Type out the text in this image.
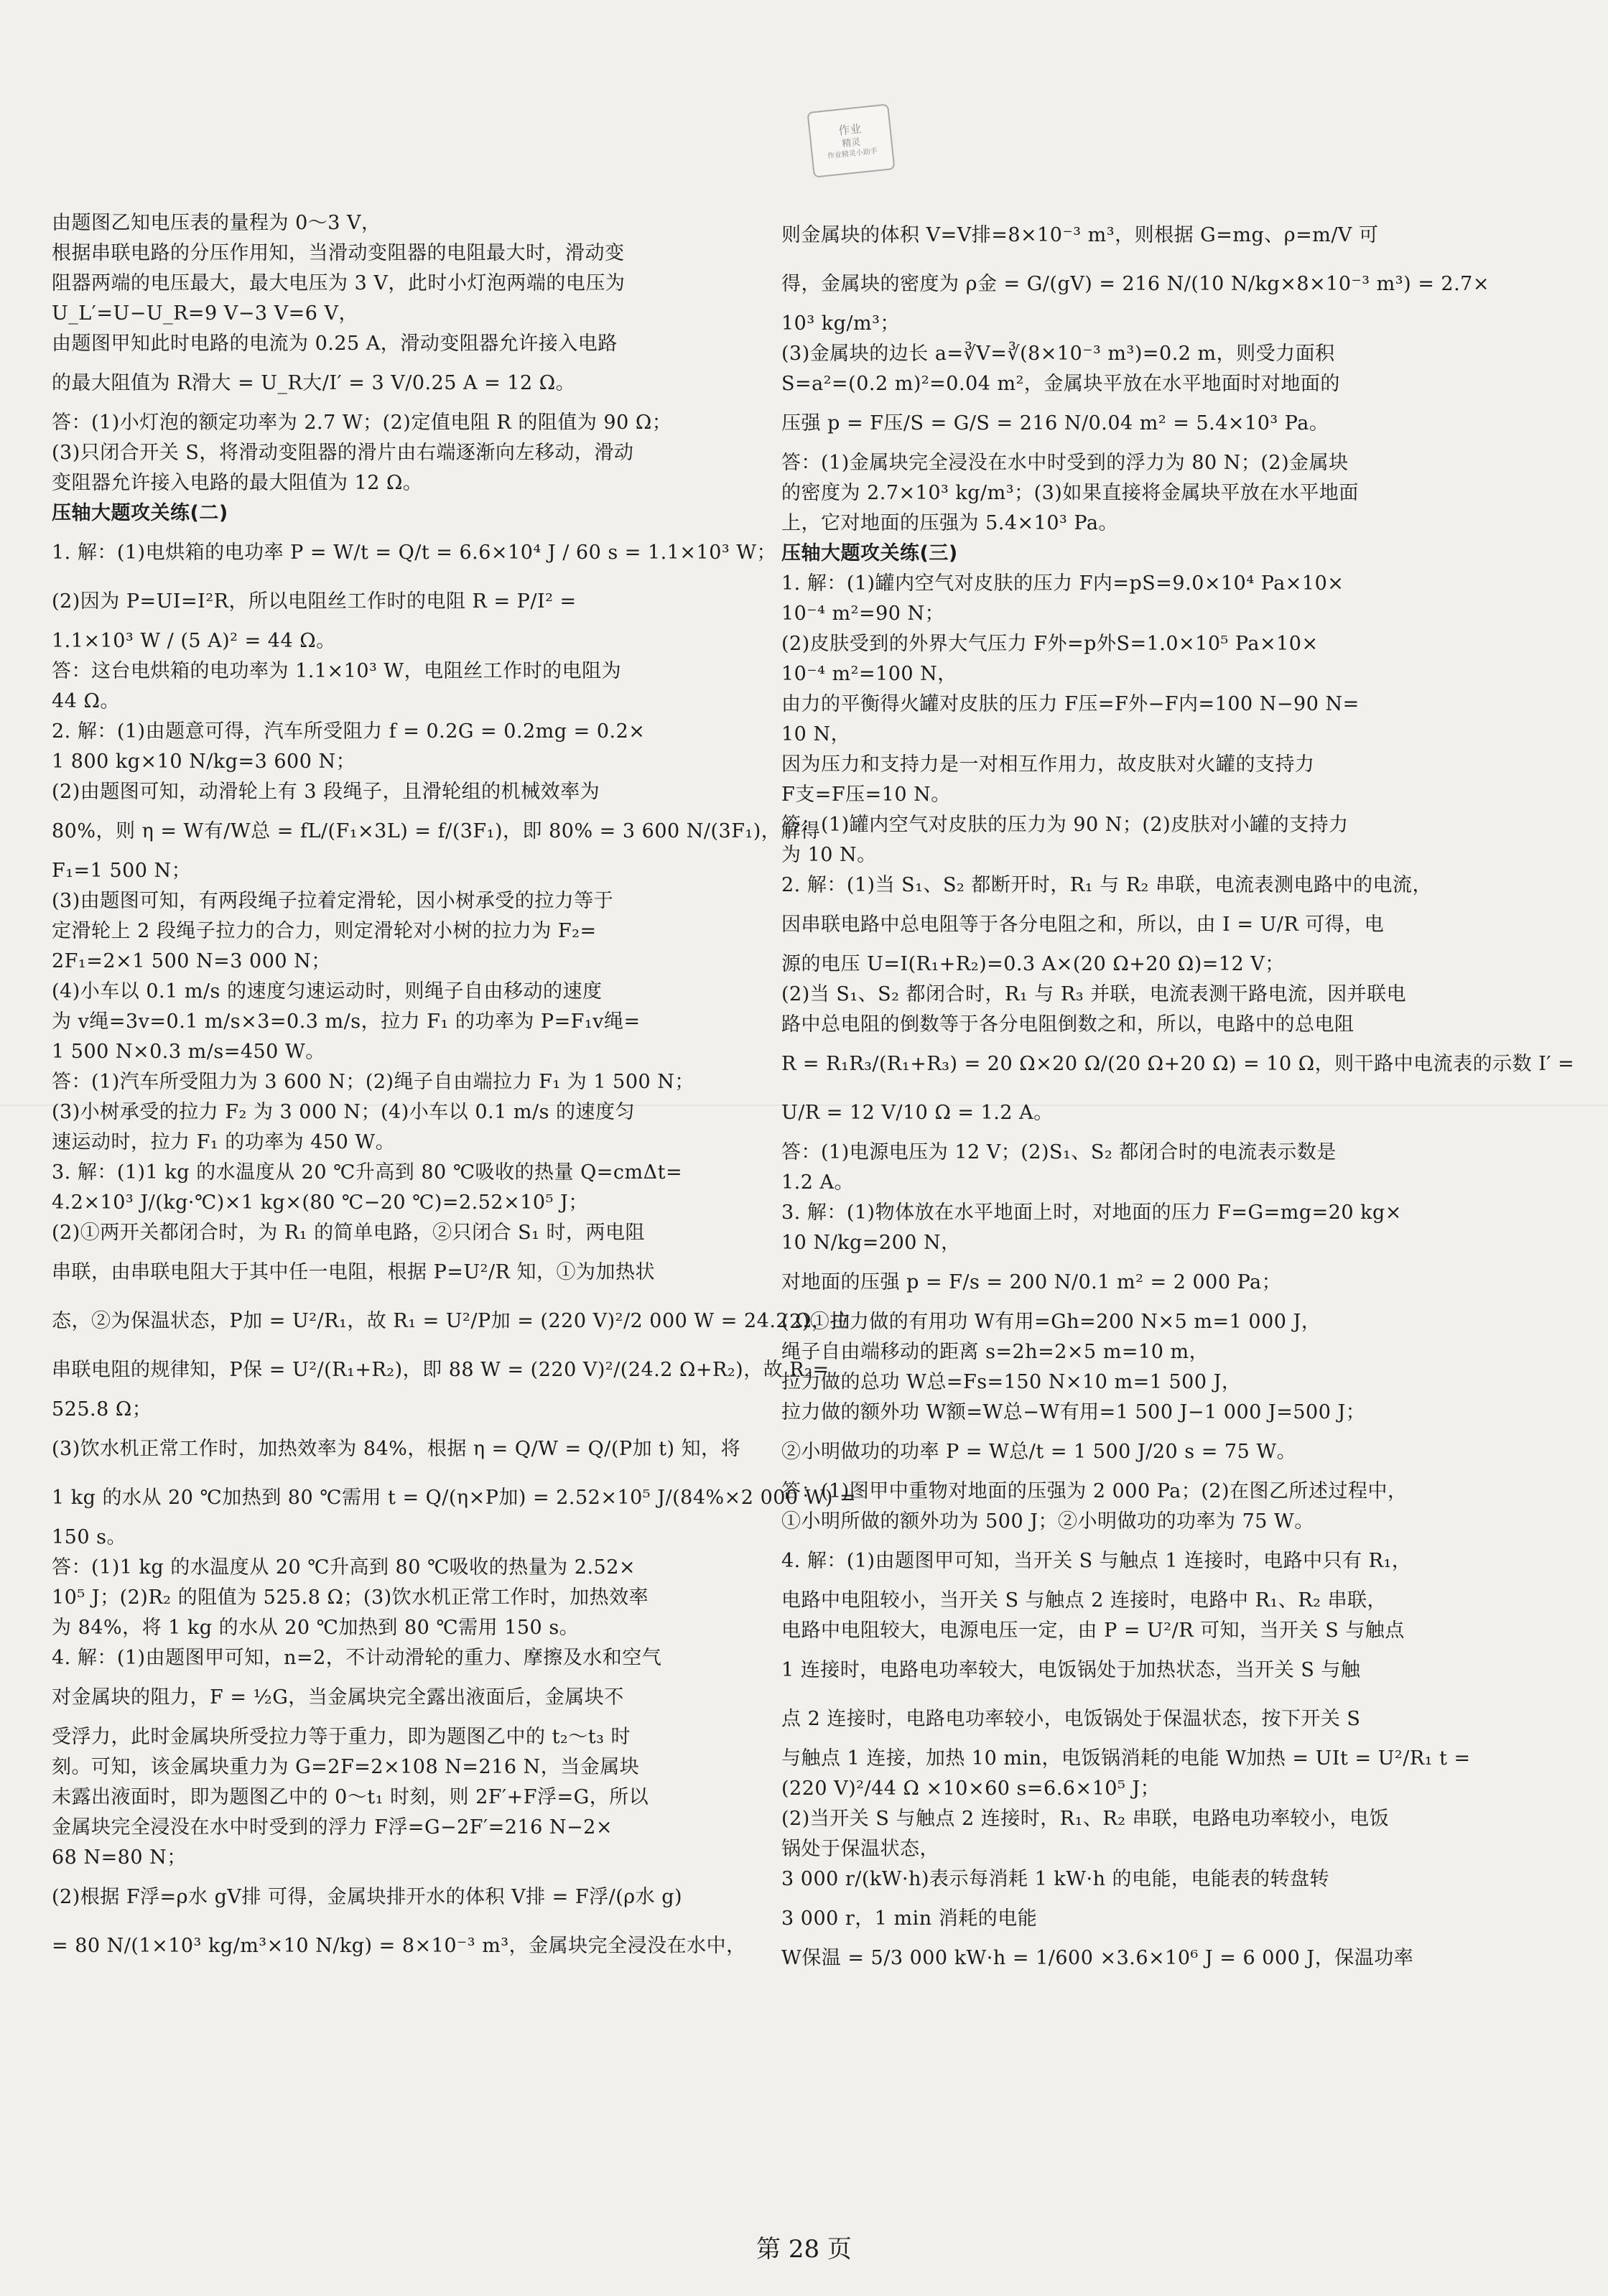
作业
精灵
作业精灵小助手
由题图乙知电压表的量程为 0～3 V，
根据串联电路的分压作用知，当滑动变阻器的电阻最大时，滑动变
阻器两端的电压最大，最大电压为 3 V，此时小灯泡两端的电压为
U_L′=U−U_R=9 V−3 V=6 V，
由题图甲知此时电路的电流为 0.25 A，滑动变阻器允许接入电路
的最大阻值为 R滑大 = U_R大/I′ = 3 V/0.25 A = 12 Ω。
答：(1)小灯泡的额定功率为 2.7 W；(2)定值电阻 R 的阻值为 90 Ω；
(3)只闭合开关 S，将滑动变阻器的滑片由右端逐渐向左移动，滑动
变阻器允许接入电路的最大阻值为 12 Ω。
压轴大题攻关练(二)
1. 解：(1)电烘箱的电功率 P = W/t = Q/t = 6.6×10⁴ J / 60 s = 1.1×10³ W；
(2)因为 P=UI=I²R，所以电阻丝工作时的电阻 R = P/I² =
1.1×10³ W / (5 A)² = 44 Ω。
答：这台电烘箱的电功率为 1.1×10³ W，电阻丝工作时的电阻为
44 Ω。
2. 解：(1)由题意可得，汽车所受阻力 f = 0.2G = 0.2mg = 0.2×
1 800 kg×10 N/kg=3 600 N；
(2)由题图可知，动滑轮上有 3 段绳子，且滑轮组的机械效率为
80%，则 η = W有/W总 = fL/(F₁×3L) = f/(3F₁)，即 80% = 3 600 N/(3F₁)，解得
F₁=1 500 N；
(3)由题图可知，有两段绳子拉着定滑轮，因小树承受的拉力等于
定滑轮上 2 段绳子拉力的合力，则定滑轮对小树的拉力为 F₂=
2F₁=2×1 500 N=3 000 N；
(4)小车以 0.1 m/s 的速度匀速运动时，则绳子自由移动的速度
为 v绳=3v=0.1 m/s×3=0.3 m/s，拉力 F₁ 的功率为 P=F₁v绳=
1 500 N×0.3 m/s=450 W。
答：(1)汽车所受阻力为 3 600 N；(2)绳子自由端拉力 F₁ 为 1 500 N；
(3)小树承受的拉力 F₂ 为 3 000 N；(4)小车以 0.1 m/s 的速度匀
速运动时，拉力 F₁ 的功率为 450 W。
3. 解：(1)1 kg 的水温度从 20 ℃升高到 80 ℃吸收的热量 Q=cmΔt=
4.2×10³ J/(kg·℃)×1 kg×(80 ℃−20 ℃)=2.52×10⁵ J；
(2)①两开关都闭合时，为 R₁ 的简单电路，②只闭合 S₁ 时，两电阻
串联，由串联电阻大于其中任一电阻，根据 P=U²/R 知，①为加热状
态，②为保温状态，P加 = U²/R₁，故 R₁ = U²/P加 = (220 V)²/2 000 W = 24.2 Ω，由
串联电阻的规律知，P保 = U²/(R₁+R₂)，即 88 W = (220 V)²/(24.2 Ω+R₂)，故 R₂=
525.8 Ω；
(3)饮水机正常工作时，加热效率为 84%，根据 η = Q/W = Q/(P加 t) 知，将
1 kg 的水从 20 ℃加热到 80 ℃需用 t = Q/(η×P加) = 2.52×10⁵ J/(84%×2 000 W) =
150 s。
答：(1)1 kg 的水温度从 20 ℃升高到 80 ℃吸收的热量为 2.52×
10⁵ J；(2)R₂ 的阻值为 525.8 Ω；(3)饮水机正常工作时，加热效率
为 84%，将 1 kg 的水从 20 ℃加热到 80 ℃需用 150 s。
4. 解：(1)由题图甲可知，n=2，不计动滑轮的重力、摩擦及水和空气
对金属块的阻力，F = ½G，当金属块完全露出液面后，金属块不
受浮力，此时金属块所受拉力等于重力，即为题图乙中的 t₂～t₃ 时
刻。可知，该金属块重力为 G=2F=2×108 N=216 N，当金属块
未露出液面时，即为题图乙中的 0～t₁ 时刻，则 2F′+F浮=G，所以
金属块完全浸没在水中时受到的浮力 F浮=G−2F′=216 N−2×
68 N=80 N；
(2)根据 F浮=ρ水 gV排 可得，金属块排开水的体积 V排 = F浮/(ρ水 g)
= 80 N/(1×10³ kg/m³×10 N/kg) = 8×10⁻³ m³，金属块完全浸没在水中，
则金属块的体积 V=V排=8×10⁻³ m³，则根据 G=mg、ρ=m/V 可
得，金属块的密度为 ρ金 = G/(gV) = 216 N/(10 N/kg×8×10⁻³ m³) = 2.7×
10³ kg/m³；
(3)金属块的边长 a=∛V=∛(8×10⁻³ m³)=0.2 m，则受力面积
S=a²=(0.2 m)²=0.04 m²，金属块平放在水平地面时对地面的
压强 p = F压/S = G/S = 216 N/0.04 m² = 5.4×10³ Pa。
答：(1)金属块完全浸没在水中时受到的浮力为 80 N；(2)金属块
的密度为 2.7×10³ kg/m³；(3)如果直接将金属块平放在水平地面
上，它对地面的压强为 5.4×10³ Pa。
压轴大题攻关练(三)
1. 解：(1)罐内空气对皮肤的压力 F内=pS=9.0×10⁴ Pa×10×
10⁻⁴ m²=90 N；
(2)皮肤受到的外界大气压力 F外=p外S=1.0×10⁵ Pa×10×
10⁻⁴ m²=100 N，
由力的平衡得火罐对皮肤的压力 F压=F外−F内=100 N−90 N=
10 N，
因为压力和支持力是一对相互作用力，故皮肤对火罐的支持力
F支=F压=10 N。
答：(1)罐内空气对皮肤的压力为 90 N；(2)皮肤对小罐的支持力
为 10 N。
2. 解：(1)当 S₁、S₂ 都断开时，R₁ 与 R₂ 串联，电流表测电路中的电流，
因串联电路中总电阻等于各分电阻之和，所以，由 I = U/R 可得，电
源的电压 U=I(R₁+R₂)=0.3 A×(20 Ω+20 Ω)=12 V；
(2)当 S₁、S₂ 都闭合时，R₁ 与 R₃ 并联，电流表测干路电流，因并联电
路中总电阻的倒数等于各分电阻倒数之和，所以，电路中的总电阻
R = R₁R₃/(R₁+R₃) = 20 Ω×20 Ω/(20 Ω+20 Ω) = 10 Ω，则干路中电流表的示数 I′ =
U/R = 12 V/10 Ω = 1.2 A。
答：(1)电源电压为 12 V；(2)S₁、S₂ 都闭合时的电流表示数是
1.2 A。
3. 解：(1)物体放在水平地面上时，对地面的压力 F=G=mg=20 kg×
10 N/kg=200 N，
对地面的压强 p = F/s = 200 N/0.1 m² = 2 000 Pa；
(2)①拉力做的有用功 W有用=Gh=200 N×5 m=1 000 J，
绳子自由端移动的距离 s=2h=2×5 m=10 m，
拉力做的总功 W总=Fs=150 N×10 m=1 500 J，
拉力做的额外功 W额=W总−W有用=1 500 J−1 000 J=500 J；
②小明做功的功率 P = W总/t = 1 500 J/20 s = 75 W。
答：(1)图甲中重物对地面的压强为 2 000 Pa；(2)在图乙所述过程中，
①小明所做的额外功为 500 J；②小明做功的功率为 75 W。
4. 解：(1)由题图甲可知，当开关 S 与触点 1 连接时，电路中只有 R₁，
电路中电阻较小，当开关 S 与触点 2 连接时，电路中 R₁、R₂ 串联，
电路中电阻较大，电源电压一定，由 P = U²/R 可知，当开关 S 与触点
1 连接时，电路电功率较大，电饭锅处于加热状态，当开关 S 与触
点 2 连接时，电路电功率较小，电饭锅处于保温状态，按下开关 S
与触点 1 连接，加热 10 min，电饭锅消耗的电能 W加热 = UIt = U²/R₁ t =
(220 V)²/44 Ω ×10×60 s=6.6×10⁵ J；
(2)当开关 S 与触点 2 连接时，R₁、R₂ 串联，电路电功率较小，电饭
锅处于保温状态，
3 000 r/(kW·h)表示每消耗 1 kW·h 的电能，电能表的转盘转
3 000 r，1 min 消耗的电能
W保温 = 5/3 000 kW·h = 1/600 ×3.6×10⁶ J = 6 000 J，保温功率
第 28 页
